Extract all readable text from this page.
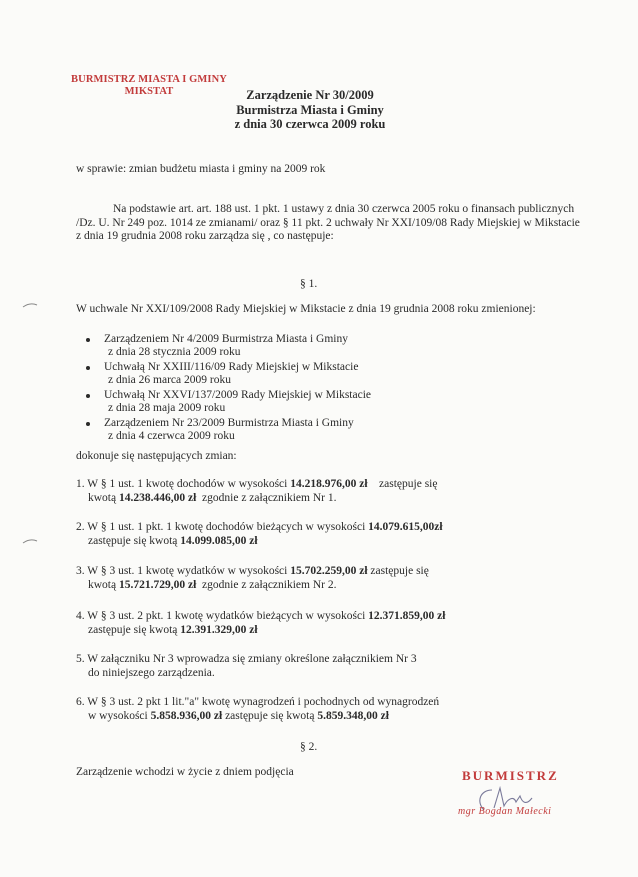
BURMISTRZ MIASTA I GMINY
MIKSTAT	Zarządzenie Nr 30/2009
Burmistrza Miasta i Gminy
z dnia 30 czerwca 2009 roku
w sprawie: zmian budżetu miasta i gminy na 2009 rok
Na podstawie art. art. 188 ust. 1 pkt. 1 ustawy z dnia 30 czerwca 2005 roku o finansach publicznych /Dz. U. Nr 249 poz. 1014 ze zmianami/ oraz § 11 pkt. 2 uchwały Nr XXI/109/08 Rady Miejskiej w Mikstacie z dnia 19 grudnia 2008 roku zarządza się , co następuje:
§ 1.
W uchwale Nr XXI/109/2008 Rady Miejskiej w Mikstacie z dnia 19 grudnia 2008 roku zmienionej:
Zarządzeniem Nr 4/2009 Burmistrza Miasta i Gminy
z dnia 28 stycznia 2009 roku
Uchwałą Nr XXIII/116/09 Rady Miejskiej w Mikstacie
z dnia 26 marca 2009 roku
Uchwałą Nr XXVI/137/2009 Rady Miejskiej w Mikstacie
z dnia 28 maja 2009 roku
Zarządzeniem Nr 23/2009 Burmistrza Miasta i Gminy
z dnia 4 czerwca 2009 roku
dokonuje się następujących zmian:
1. W § 1 ust. 1 kwotę dochodów w wysokości 14.218.976,00 zł    zastępuje się
kwotą 14.238.446,00 zł  zgodnie z załącznikiem Nr 1.
2. W § 1 ust. 1 pkt. 1 kwotę dochodów bieżących w wysokości 14.079.615,00zł
zastępuje się kwotą 14.099.085,00 zł
3. W § 3 ust. 1 kwotę wydatków w wysokości 15.702.259,00 zł zastępuje się
kwotą 15.721.729,00 zł  zgodnie z załącznikiem Nr 2.
4. W § 3 ust. 2 pkt. 1 kwotę wydatków bieżących w wysokości 12.371.859,00 zł
zastępuje się kwotą 12.391.329,00 zł
5. W załączniku Nr 3 wprowadza się zmiany określone załącznikiem Nr 3
do niniejszego zarządzenia.
6. W § 3 ust. 2 pkt 1 lit."a" kwotę wynagrodzeń i pochodnych od wynagrodzeń
w wysokości 5.858.936,00 zł zastępuje się kwotą 5.859.348,00 zł
§ 2.
Zarządzenie wchodzi w życie z dniem podjęcia	BURMISTRZ
mgr Bogdan Małecki
